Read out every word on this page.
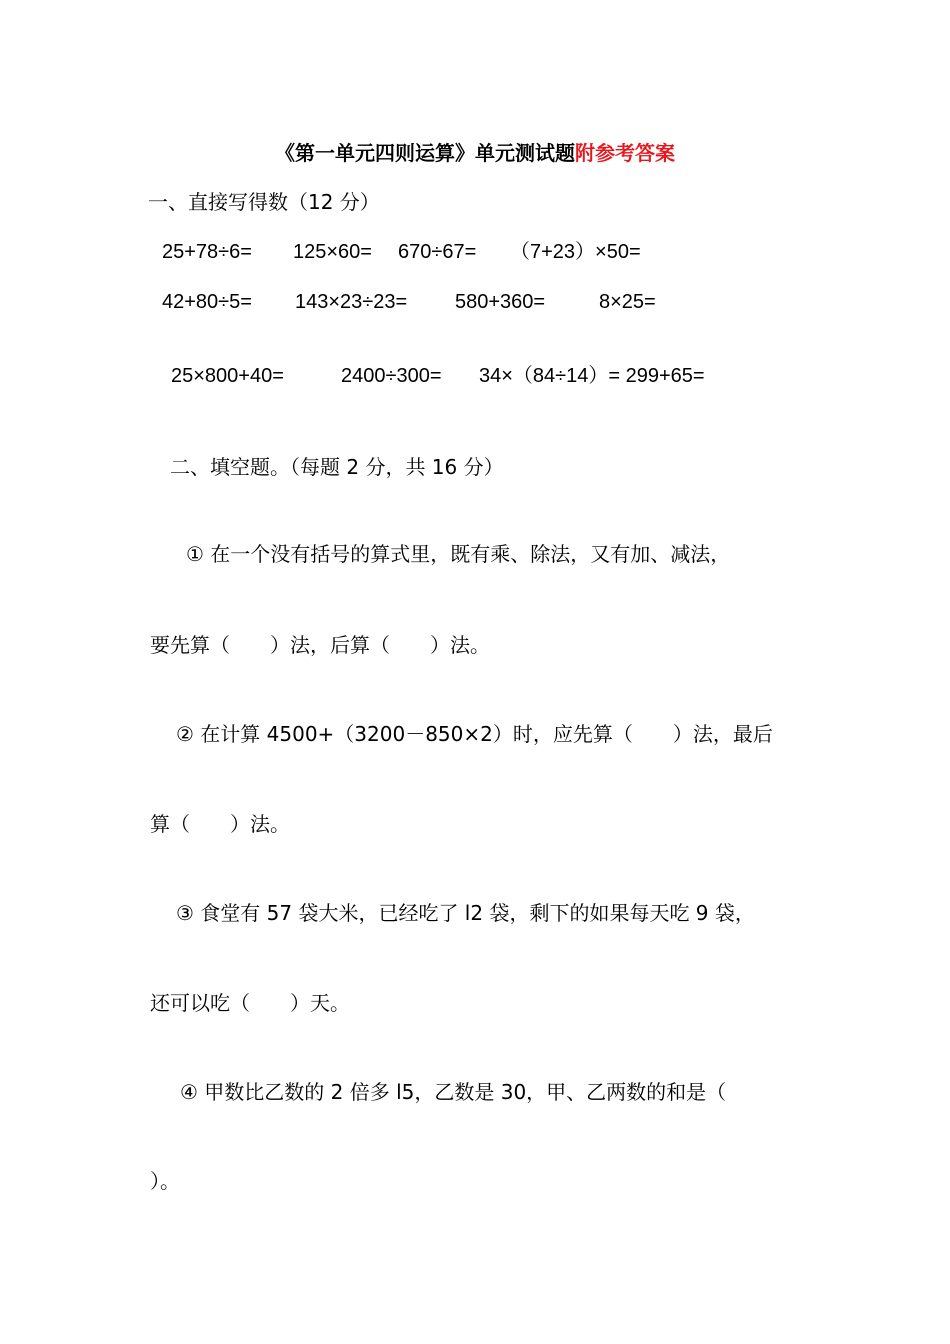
《第一单元四则运算》单元测试题附参考答案
一、直接写得数（12 分）
25+78÷6= 125×60= 670÷67= （7+23）×50=
42+80÷5= 143×23÷23= 580+360=	8×25=
25×800+40=	2400÷300= 34×（84÷14）= 299+65=
二、填空题。（每题 2 分，共 16 分）
① 在一个没有括号的算式里，既有乘、除法，又有加、减法，
要先算（　　）法，后算（　　）法。
② 在计算 4500+（3200－850×2）时，应先算（　　）法，最后
算（　　）法。
③ 食堂有 57 袋大米，已经吃了 l2 袋，剩下的如果每天吃 9 袋，
还可以吃（　　）天。
④ 甲数比乙数的 2 倍多 l5，乙数是 30，甲、乙两数的和是（
）。
